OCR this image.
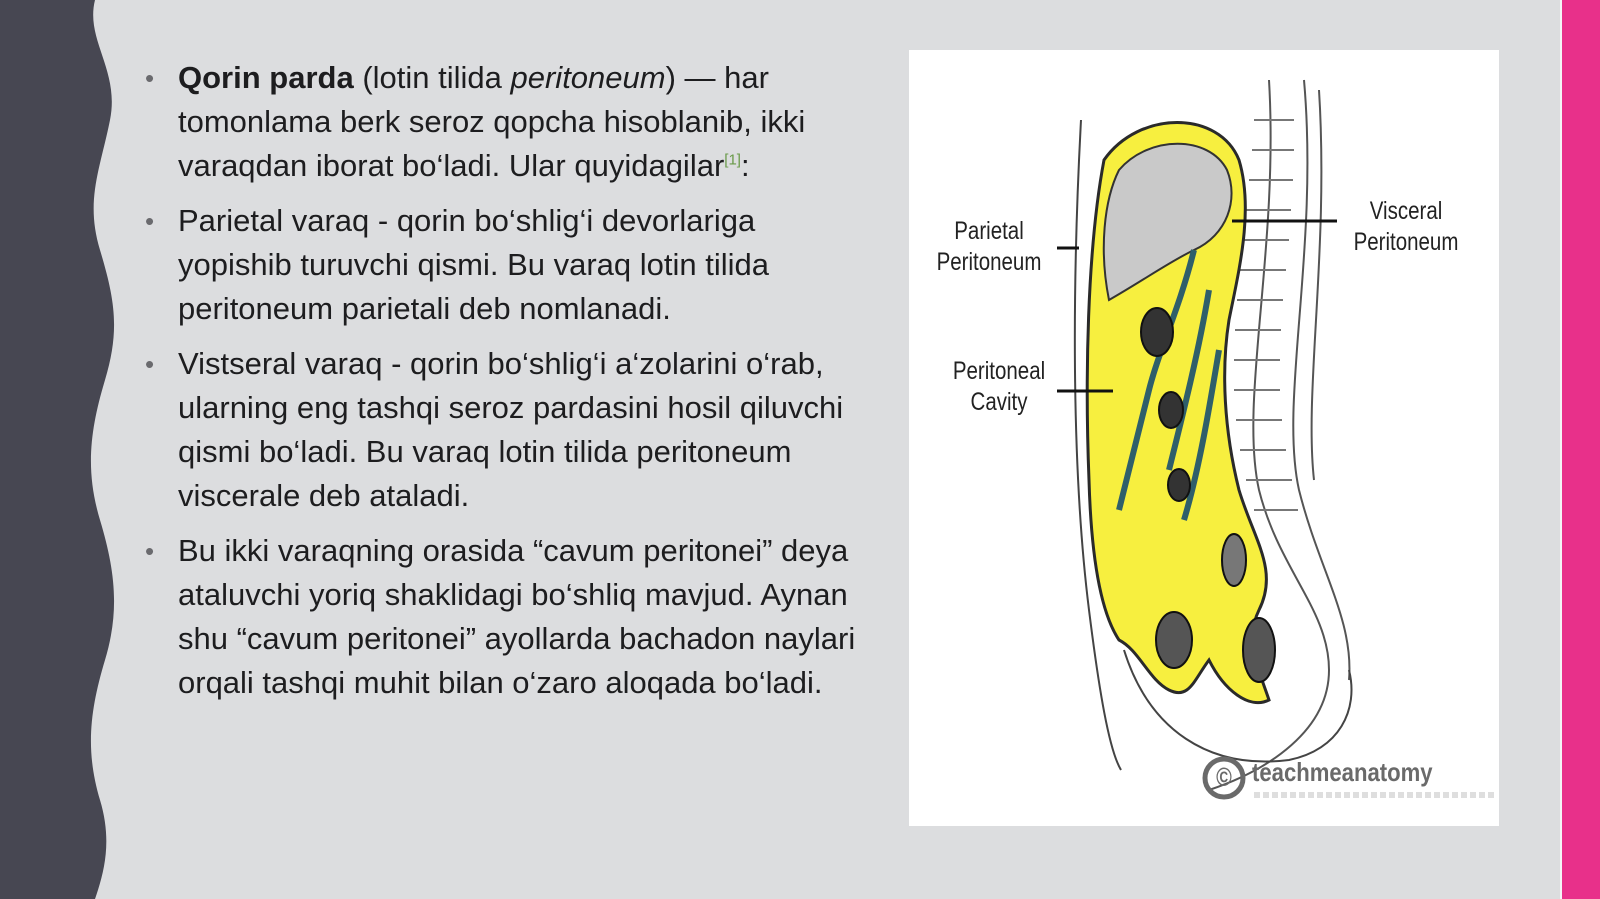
• Qorin parda (lotin tilida peritoneum) — har tomonlama berk seroz qopcha hisoblanib, ikki varaqdan iborat bo‘ladi. Ular quyidagilar[1]:
• Parietal varaq - qorin bo‘shlig‘i devorlariga yopishib turuvchi qismi. Bu varaq lotin tilida peritoneum parietali deb nomlanadi.
• Vistseral varaq - qorin bo‘shlig‘i a‘zolarini o‘rab, ularning eng tashqi seroz pardasini hosil qiluvchi qismi bo‘ladi. Bu varaq lotin tilida peritoneum viscerale deb ataladi.
• Bu ikki varaqning orasida “cavum peritonei” deya ataluvchi yoriq shaklidagi bo‘shliq mavjud. Aynan shu “cavum peritonei” ayollarda bachadon naylari orqali tashqi muhit bilan o‘zaro aloqada bo‘ladi.
Parietal
Peritoneum
Peritoneal
Cavity
Visceral
Peritoneum
© teachmeanatomy
